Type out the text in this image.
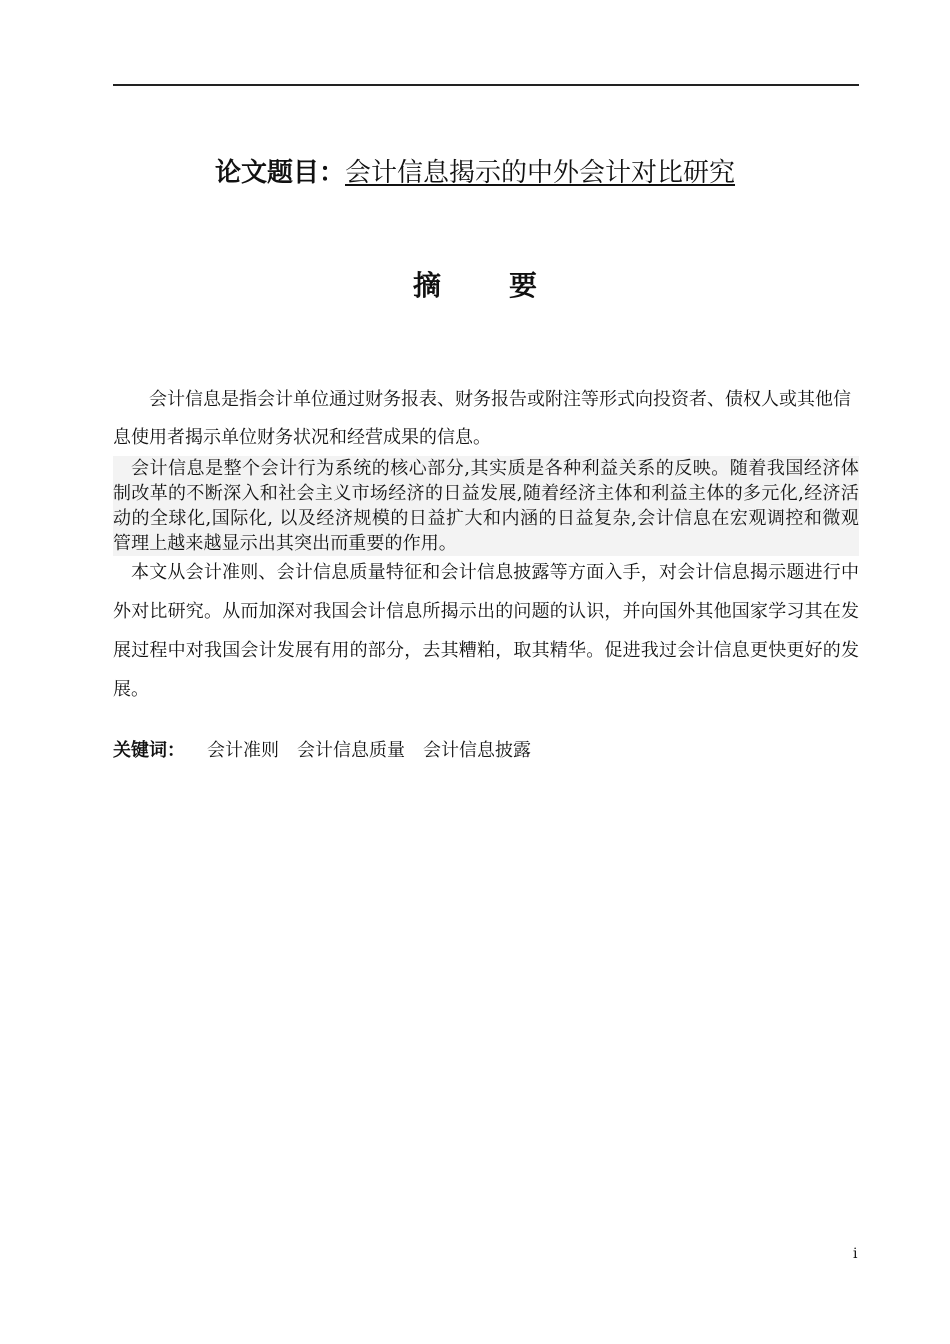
论文题目：会计信息揭示的中外会计对比研究
摘要

会计信息是指会计单位通过财务报表、财务报告或附注等形式向投资者、债权人或其他信息使用者揭示单位财务状况和经营成果的信息。

会计信息是整个会计行为系统的核心部分,其实质是各种利益关系的反映。随着我国经济体制改革的不断深入和社会主义市场经济的日益发展,随着经济主体和利益主体的多元化,经济活动的全球化,国际化, 以及经济规模的日益扩大和内涵的日益复杂,会计信息在宏观调控和微观管理上越来越显示出其突出而重要的作用。

本文从会计准则、会计信息质量特征和会计信息披露等方面入手，对会计信息揭示题进行中外对比研究。从而加深对我国会计信息所揭示出的问题的认识，并向国外其他国家学习其在发展过程中对我国会计发展有用的部分，去其糟粕，取其精华。促进我过会计信息更快更好的发展。

关键词： 会计准则 会计信息质量 会计信息披露
i
